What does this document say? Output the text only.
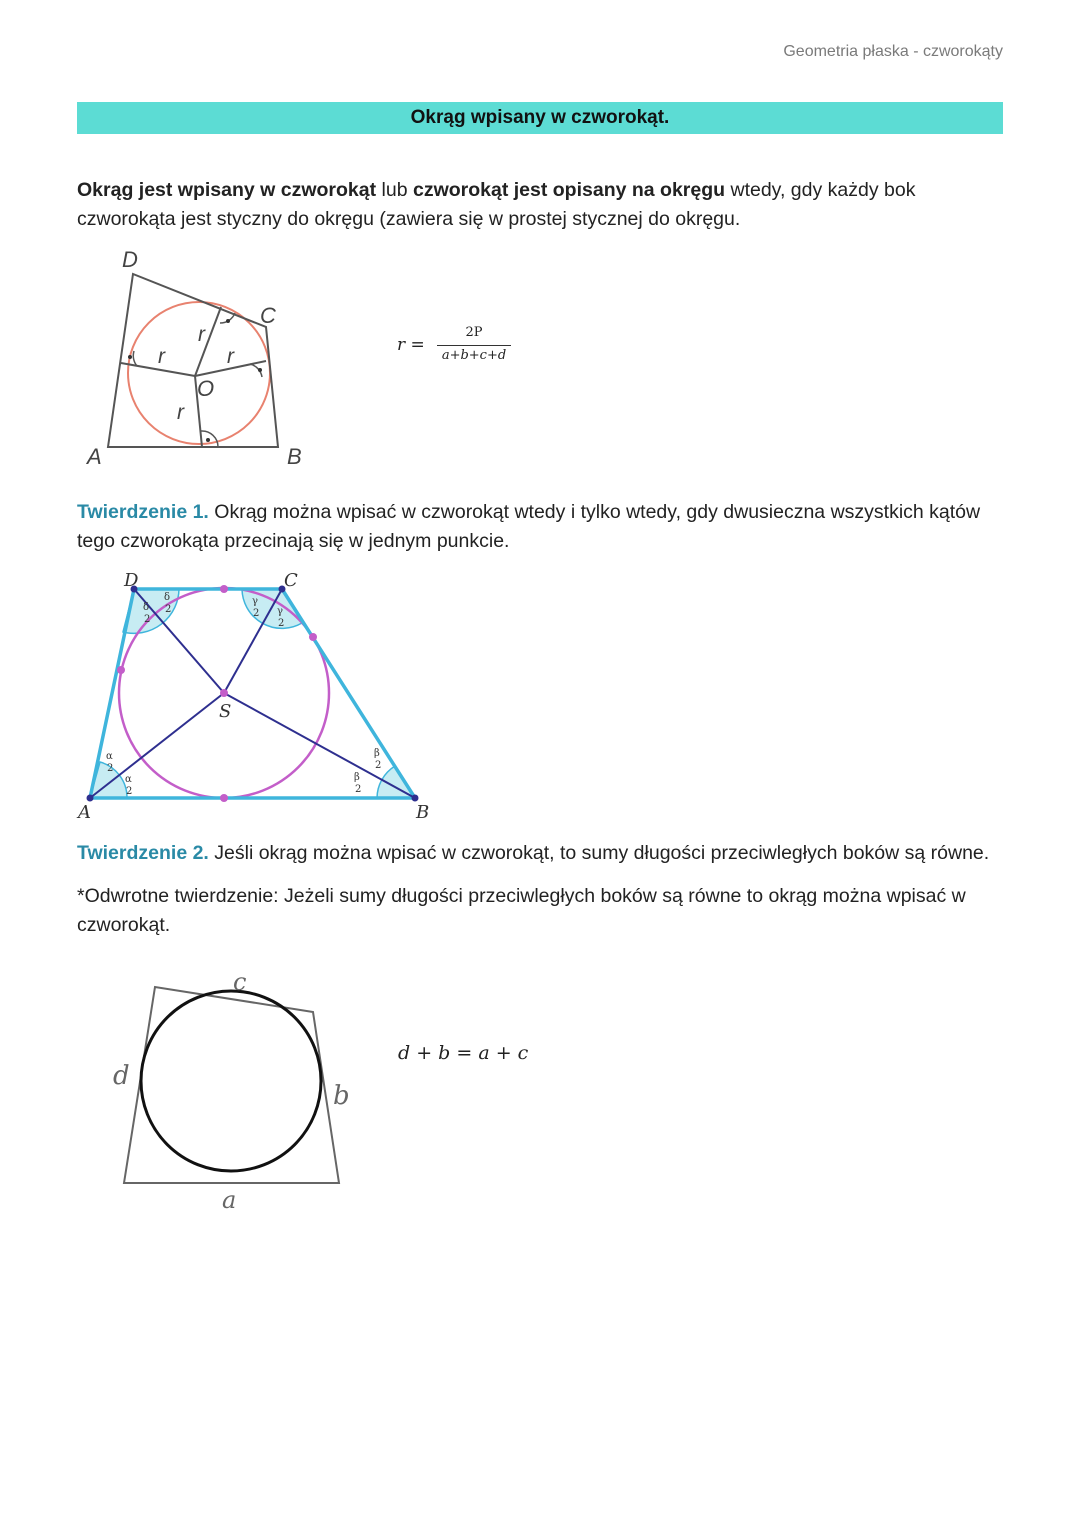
Geometria płaska - czworokąty
Okrąg wpisany w czworokąt.
Okrąg jest wpisany w czworokąt lub czworokąt jest opisany na okręgu wtedy, gdy każdy bok czworokąta jest styczny do okręgu (zawiera się w prostej stycznej do okręgu.
D
C
A	B
O
r
r
r
r
r =
2P
a+b+c+d
Twierdzenie 1. Okrąg można wpisać w czworokąt wtedy i tylko wtedy, gdy dwusieczna wszystkich kątów tego czworokąta przecinają się w jednym punkcie.
D	C
A	B
S
α
2
α
2
β
2
β
2
γ
2 γ
2
δ
2
δ
2
Twierdzenie 2. Jeśli okrąg można wpisać w czworokąt, to sumy długości przeciwległych boków są równe.
*Odwrotne twierdzenie: Jeżeli sumy długości przeciwległych boków są równe to okrąg można wpisać w czworokąt.
c
d
b
a
d + b = a + c
